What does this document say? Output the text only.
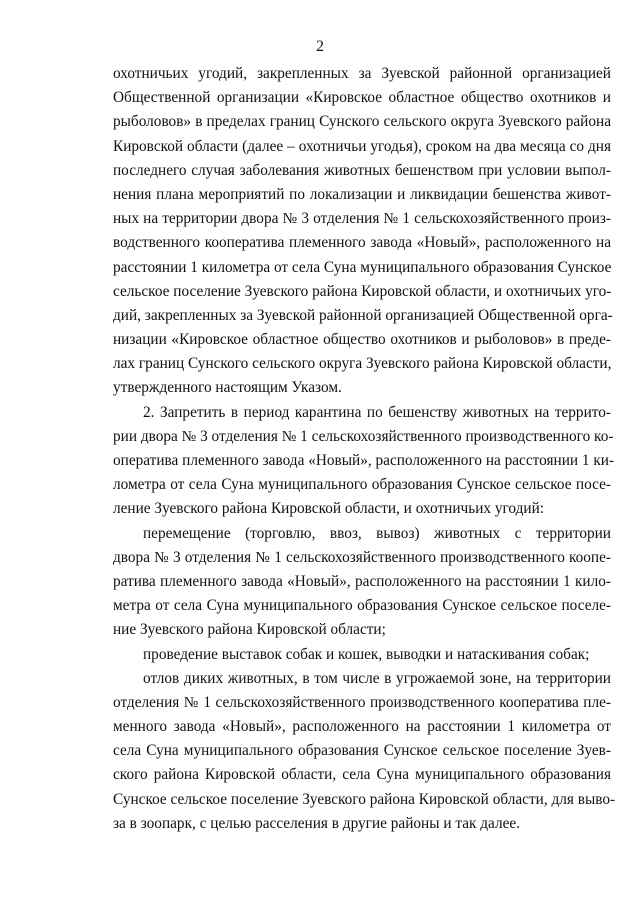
2

охотничьих угодий, закрепленных за Зуевской районной организацией
Общественной организации «Кировское областное общество охотников и
рыболовов» в пределах границ Сунского сельского округа Зуевского района
Кировской области (далее – охотничьи угодья), сроком на два месяца со дня
последнего случая заболевания животных бешенством при условии выпол-
нения плана мероприятий по локализации и ликвидации бешенства живот-
ных на территории двора № 3 отделения № 1 сельскохозяйственного произ-
водственного кооператива племенного завода «Новый», расположенного на
расстоянии 1 километра от села Суна муниципального образования Сунское
сельское поселение Зуевского района Кировской области, и охотничьих уго-
дий, закрепленных за Зуевской районной организацией Общественной орга-
низации «Кировское областное общество охотников и рыболовов» в преде-
лах границ Сунского сельского округа Зуевского района Кировской области,
утвержденного настоящим Указом.

2. Запретить в период карантина по бешенству животных на террито-
рии двора № 3 отделения № 1 сельскохозяйственного производственного ко-
оператива племенного завода «Новый», расположенного на расстоянии 1 ки-
лометра от села Суна муниципального образования Сунское сельское посе-
ление Зуевского района Кировской области, и охотничьих угодий:

перемещение (торговлю, ввоз, вывоз) животных с территории
двора № 3 отделения № 1 сельскохозяйственного производственного коопе-
ратива племенного завода «Новый», расположенного на расстоянии 1 кило-
метра от села Суна муниципального образования Сунское сельское поселе-
ние Зуевского района Кировской области;

проведение выставок собак и кошек, выводки и натаскивания собак;

отлов диких животных, в том числе в угрожаемой зоне, на территории
отделения № 1 сельскохозяйственного производственного кооператива пле-
менного завода «Новый», расположенного на расстоянии 1 километра от
села Суна муниципального образования Сунское сельское поселение Зуев-
ского района Кировской области, села Суна муниципального образования
Сунское сельское поселение Зуевского района Кировской области, для выво-
за в зоопарк, с целью расселения в другие районы и так далее.
